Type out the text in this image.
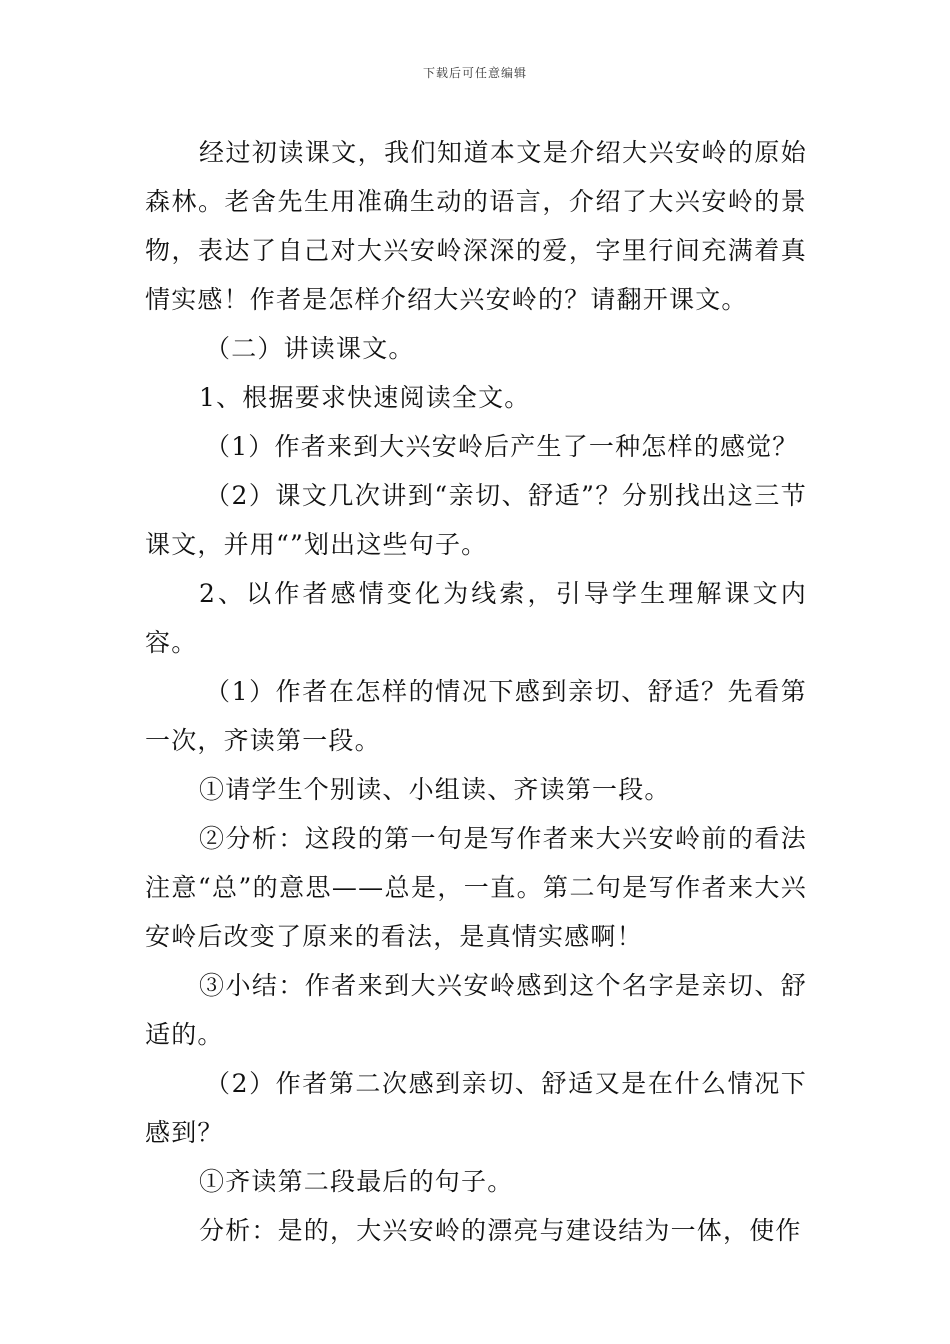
下载后可任意编辑

经过初读课文，我们知道本文是介绍大兴安岭的原始森林。老舍先生用准确生动的语言，介绍了大兴安岭的景物，表达了自己对大兴安岭深深的爱，字里行间充满着真情实感！作者是怎样介绍大兴安岭的？请翻开课文。

（二）讲读课文。

1、根据要求快速阅读全文。

（1）作者来到大兴安岭后产生了一种怎样的感觉？

（2）课文几次讲到“亲切、舒适”？分别找出这三节课文，并用“”划出这些句子。

2、以作者感情变化为线索，引导学生理解课文内容。

（1）作者在怎样的情况下感到亲切、舒适？先看第一次，齐读第一段。

①请学生个别读、小组读、齐读第一段。

②分析：这段的第一句是写作者来大兴安岭前的看法注意“总”的意思——总是，一直。第二句是写作者来大兴安岭后改变了原来的看法，是真情实感啊！

③小结：作者来到大兴安岭感到这个名字是亲切、舒适的。

（2）作者第二次感到亲切、舒适又是在什么情况下感到？

①齐读第二段最后的句子。

分析：是的，大兴安岭的漂亮与建设结为一体，使作
